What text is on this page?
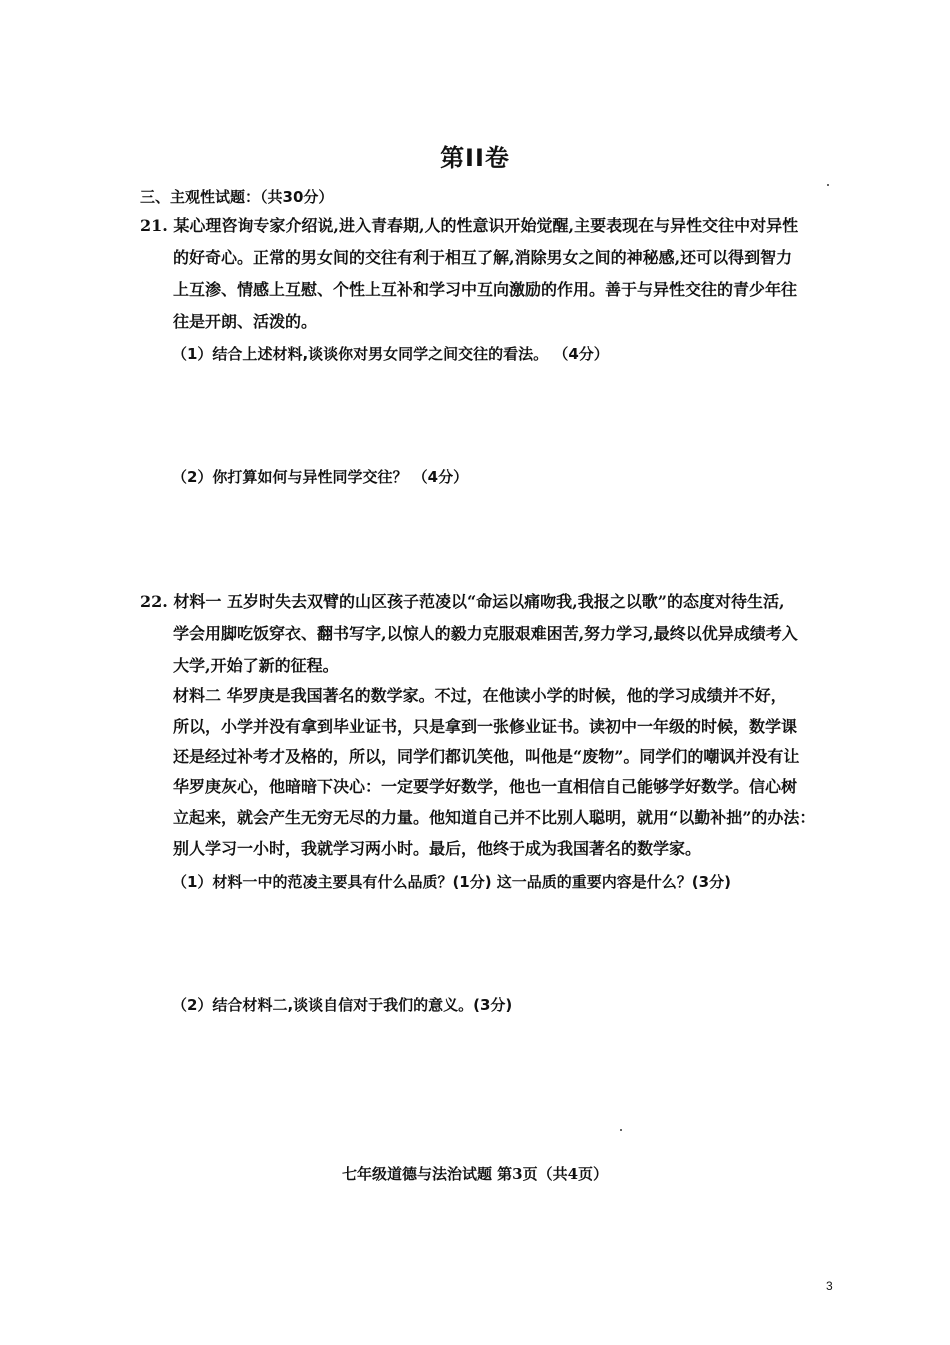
第II卷
三、主观性试题：（共30分）
21. 某心理咨询专家介绍说,进入青春期,人的性意识开始觉醒,主要表现在与异性交往中对异性
的好奇心。正常的男女间的交往有利于相互了解,消除男女之间的神秘感,还可以得到智力
上互渗、情感上互慰、个性上互补和学习中互向激励的作用。善于与异性交往的青少年往
往是开朗、活泼的。
（1）结合上述材料,谈谈你对男女同学之间交往的看法。 （4分）
（2）你打算如何与异性同学交往？ （4分）
22. 材料一 五岁时失去双臂的山区孩子范凌以“命运以痛吻我,我报之以歌”的态度对待生活,
学会用脚吃饭穿衣、翻书写字,以惊人的毅力克服艰难困苦,努力学习,最终以优异成绩考入
大学,开始了新的征程。
材料二 华罗庚是我国著名的数学家。不过，在他读小学的时候，他的学习成绩并不好，
所以，小学并没有拿到毕业证书，只是拿到一张修业证书。读初中一年级的时候，数学课
还是经过补考才及格的，所以，同学们都讥笑他，叫他是“废物”。同学们的嘲讽并没有让
华罗庚灰心，他暗暗下决心：一定要学好数学，他也一直相信自己能够学好数学。信心树
立起来，就会产生无穷无尽的力量。他知道自己并不比别人聪明，就用“以勤补拙”的办法：
别人学习一小时，我就学习两小时。最后，他终于成为我国著名的数学家。
（1）材料一中的范凌主要具有什么品质？(1分) 这一品质的重要内容是什么？(3分)
（2）结合材料二,谈谈自信对于我们的意义。(3分)
七年级道德与法治试题 第3页（共4页）
3
